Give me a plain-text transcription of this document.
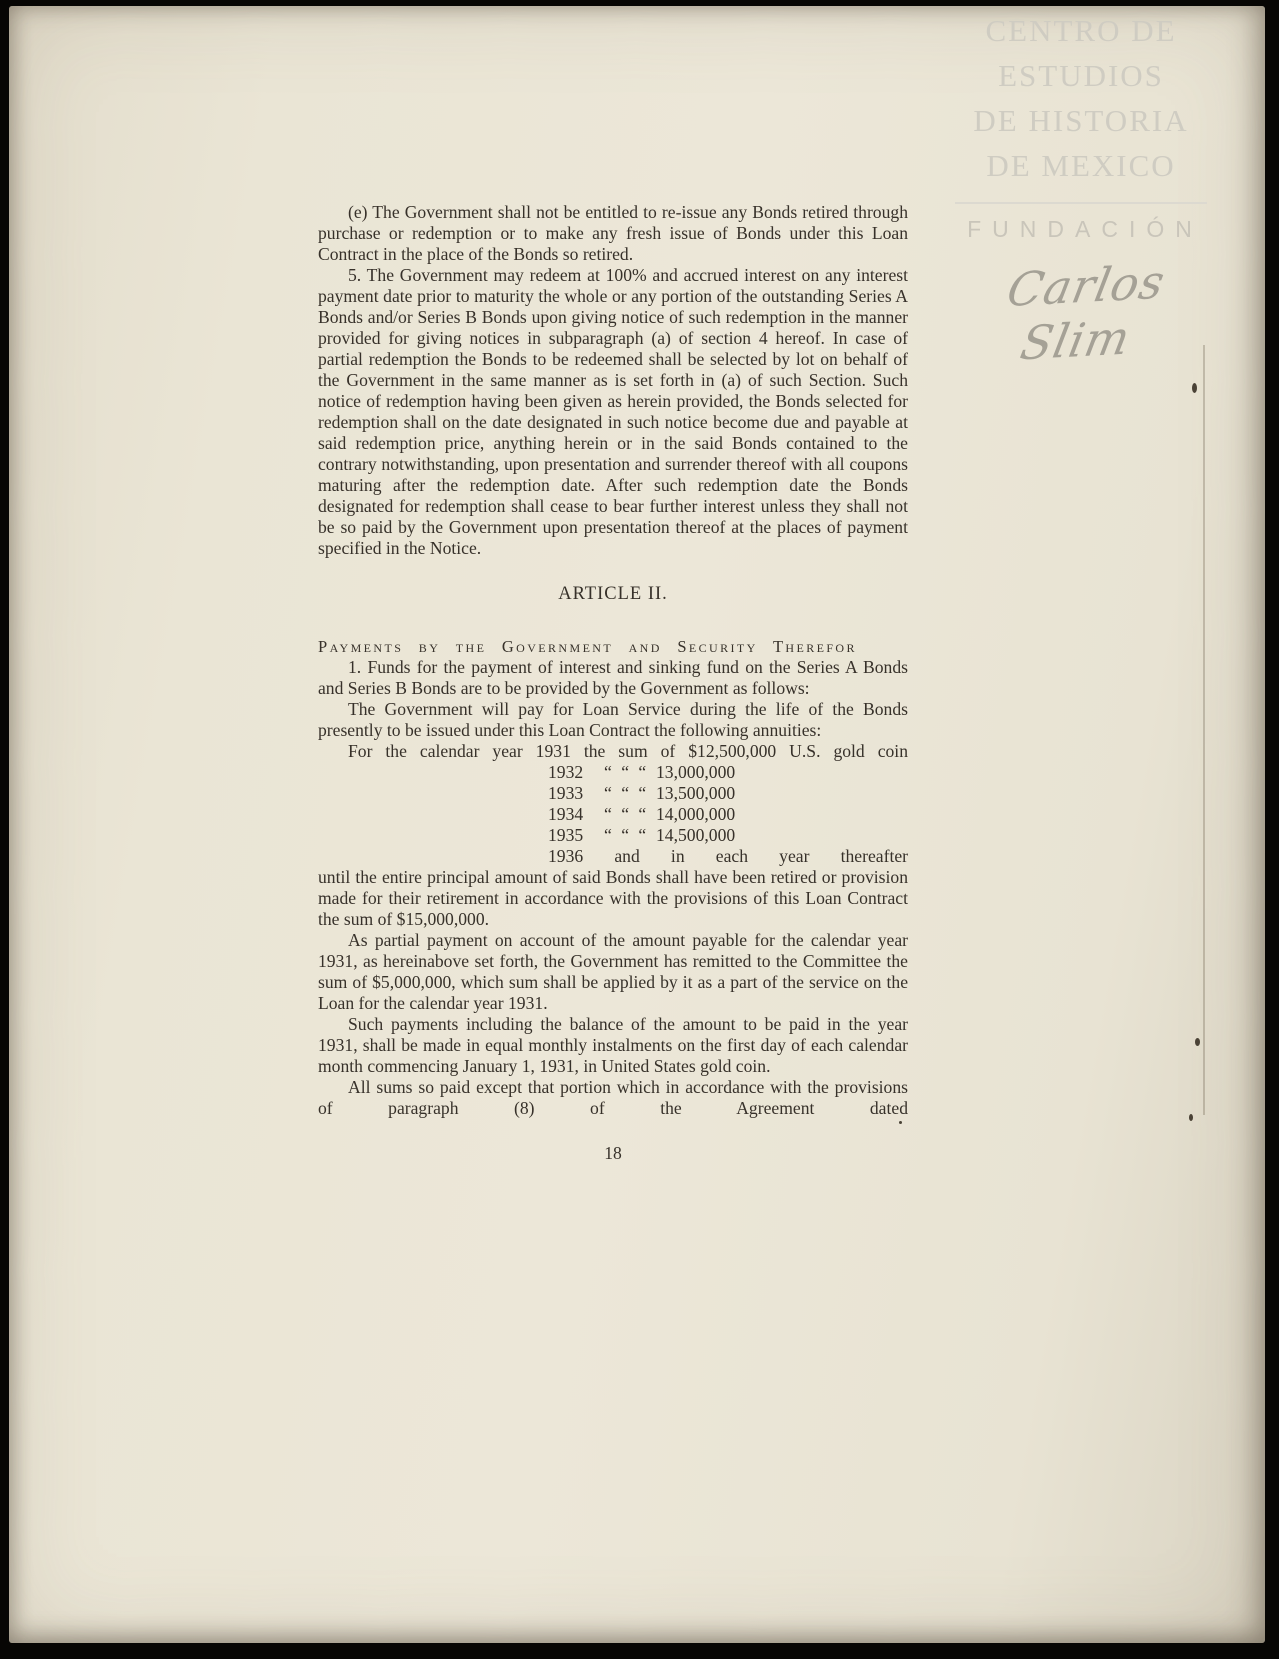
CENTRO DE
ESTUDIOS
DE HISTORIA
DE MEXICO
FUNDACIÓN
Carlos Slim

(e) The Government shall not be entitled to re-issue any Bonds retired through purchase or redemption or to make any fresh issue of Bonds under this Loan Contract in the place of the Bonds so retired.

5. The Government may redeem at 100% and accrued interest on any interest payment date prior to maturity the whole or any portion of the outstanding Series A Bonds and/or Series B Bonds upon giving notice of such redemption in the manner provided for giving notices in subparagraph (a) of section 4 hereof. In case of partial redemption the Bonds to be redeemed shall be selected by lot on behalf of the Government in the same manner as is set forth in (a) of such Section. Such notice of redemption having been given as herein provided, the Bonds selected for redemption shall on the date designated in such notice become due and payable at said redemption price, anything herein or in the said Bonds contained to the contrary notwithstanding, upon presentation and surrender thereof with all coupons maturing after the redemption date. After such redemption date the Bonds designated for redemption shall cease to bear further interest unless they shall not be so paid by the Government upon presentation thereof at the places of payment specified in the Notice.

ARTICLE II.
Payments by the Government and Security Therefor

1. Funds for the payment of interest and sinking fund on the Series A Bonds and Series B Bonds are to be provided by the Government as follows:

The Government will pay for Loan Service during the life of the Bonds presently to be issued under this Loan Contract the following annuities:

For the calendar year 1931 the sum of $12,500,000 U.S. gold coin

1932	“ “ “ 13,000,000
1933	“ “ “ 13,500,000
1934	“ “ “ 14,000,000
1935	“ “ “ 14,500,000
1936 and in each year thereafter

until the entire principal amount of said Bonds shall have been retired or provision made for their retirement in accordance with the provisions of this Loan Contract the sum of $15,000,000.

As partial payment on account of the amount payable for the calendar year 1931, as hereinabove set forth, the Government has remitted to the Committee the sum of $5,000,000, which sum shall be applied by it as a part of the service on the Loan for the calendar year 1931.

Such payments including the balance of the amount to be paid in the year 1931, shall be made in equal monthly instalments on the first day of each calendar month commencing January 1, 1931, in United States gold coin.

All sums so paid except that portion which in accordance with the provisions of paragraph (8) of the Agreement dated

18
